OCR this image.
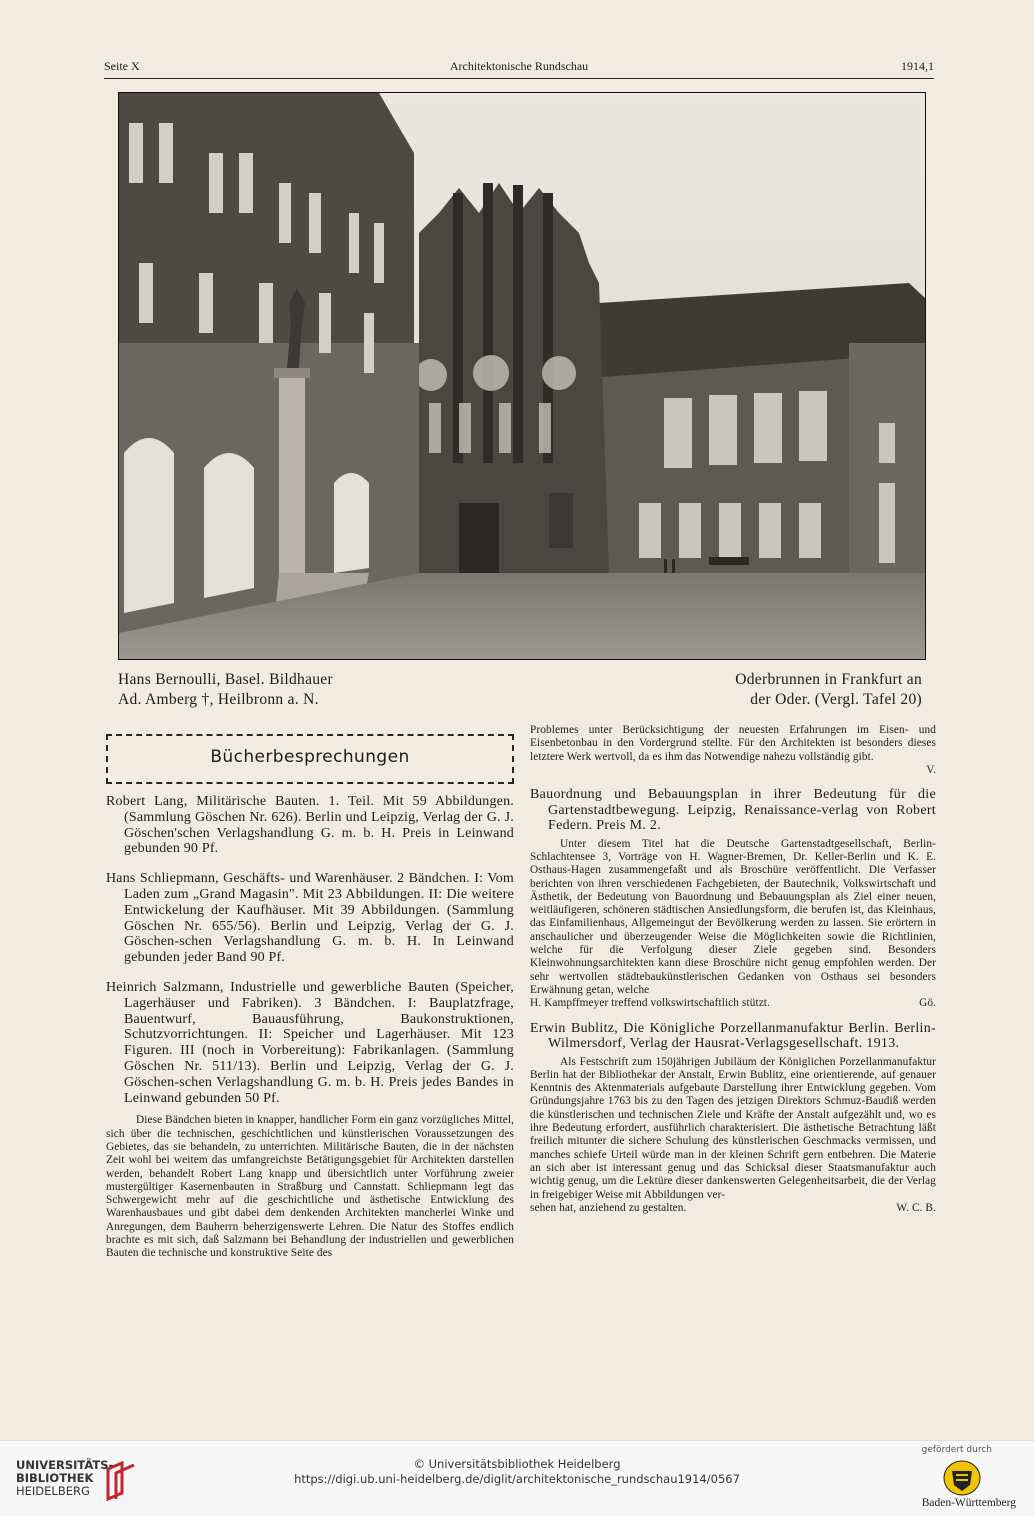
Seite X	Architektonische Rundschau	1914,1
Hans Bernoulli, Basel. Bildhauer
Ad. Amberg †, Heilbronn a. N.
Oderbrunnen in Frankfurt an
der Oder. (Vergl. Tafel 20)
Bücherbesprechungen

Robert Lang, Militärische Bauten. 1. Teil. Mit 59 Abbildungen. (Sammlung Göschen Nr. 626). Berlin und Leipzig, Verlag der G. J. Göschen'schen Verlagshandlung G. m. b. H. Preis in Leinwand gebunden 90 Pf.

Hans Schliepmann, Geschäfts- und Warenhäuser. 2 Bändchen. I: Vom Laden zum „Grand Magasin". Mit 23 Abbildungen. II: Die weitere Entwickelung der Kaufhäuser. Mit 39 Abbildungen. (Sammlung Göschen Nr. 655/56). Berlin und Leipzig, Verlag der G. J. Göschen-schen Verlagshandlung G. m. b. H. In Leinwand gebunden jeder Band 90 Pf.

Heinrich Salzmann, Industrielle und gewerbliche Bauten (Speicher, Lagerhäuser und Fabriken). 3 Bändchen. I: Bauplatzfrage, Bauentwurf, Bauausführung, Baukonstruktionen, Schutzvorrichtungen. II: Speicher und Lagerhäuser. Mit 123 Figuren. III (noch in Vorbereitung): Fabrikanlagen. (Sammlung Göschen Nr. 511/13). Berlin und Leipzig, Verlag der G. J. Göschen-schen Verlagshandlung G. m. b. H. Preis jedes Bandes in Leinwand gebunden 50 Pf.

Diese Bändchen bieten in knapper, handlicher Form ein ganz vorzügliches Mittel, sich über die technischen, geschichtlichen und künstlerischen Voraussetzungen des Gebietes, das sie behandeln, zu unterrichten. Militärische Bauten, die in der nächsten Zeit wohl bei weitem das umfangreichste Betätigungsgebiet für Architekten darstellen werden, behandelt Robert Lang knapp und übersichtlich unter Vorführung zweier mustergültiger Kasernenbauten in Straßburg und Cannstatt. Schliepmann legt das Schwergewicht mehr auf die geschichtliche und ästhetische Entwicklung des Warenhausbaues und gibt dabei dem denkenden Architekten mancherlei Winke und Anregungen, dem Bauherrn beherzigenswerte Lehren. Die Natur des Stoffes endlich brachte es mit sich, daß Salzmann bei Behandlung der industriellen und gewerblichen Bauten die technische und konstruktive Seite des

Problemes unter Berücksichtigung der neuesten Erfahrungen im Eisen- und Eisenbetonbau in den Vordergrund stellte. Für den Architekten ist besonders dieses letztere Werk wertvoll, da es ihm das Notwendige nahezu vollständig gibt.

V.

Bauordnung und Bebauungsplan in ihrer Bedeutung für die Gartenstadtbewegung. Leipzig, Renaissance-verlag von Robert Federn. Preis M. 2.

Unter diesem Titel hat die Deutsche Gartenstadtgesellschaft, Berlin-Schlachtensee 3, Vorträge von H. Wagner-Bremen, Dr. Keller-Berlin und K. E. Osthaus-Hagen zusammengefaßt und als Broschüre veröffentlicht. Die Verfasser berichten von ihren verschiedenen Fachgebieten, der Bautechnik, Volkswirtschaft und Ästhetik, der Bedeutung von Bauordnung und Bebauungsplan als Ziel einer neuen, weitläufigeren, schöneren städtischen Ansiedlungsform, die berufen ist, das Kleinhaus, das Einfamilienhaus, Allgemeingut der Bevölkerung werden zu lassen. Sie erörtern in anschaulicher und überzeugender Weise die Möglichkeiten sowie die Richtlinien, welche für die Verfolgung dieser Ziele gegeben sind. Besonders Kleinwohnungsarchitekten kann diese Broschüre nicht genug empfohlen werden. Der sehr wertvollen städtebaukünstlerischen Gedanken von Osthaus sei besonders Erwähnung getan, welche

H. Kampffmeyer treffend volkswirtschaftlich stützt.	Gö.

Erwin Bublitz, Die Königliche Porzellanmanufaktur Berlin. Berlin-Wilmersdorf, Verlag der Hausrat-Verlagsgesellschaft. 1913.

Als Festschrift zum 150jährigen Jubiläum der Königlichen Porzellanmanufaktur Berlin hat der Bibliothekar der Anstalt, Erwin Bublitz, eine orientierende, auf genauer Kenntnis des Aktenmaterials aufgebaute Darstellung ihrer Entwicklung gegeben. Vom Gründungsjahre 1763 bis zu den Tagen des jetzigen Direktors Schmuz-Baudiß werden die künstlerischen und technischen Ziele und Kräfte der Anstalt aufgezählt und, wo es ihre Bedeutung erfordert, ausführlich charakterisiert. Die ästhetische Betrachtung läßt freilich mitunter die sichere Schulung des künstlerischen Geschmacks vermissen, und manches schiefe Urteil würde man in der kleinen Schrift gern entbehren. Die Materie an sich aber ist interessant genug und das Schicksal dieser Staatsmanufaktur auch wichtig genug, um die Lektüre dieser dankenswerten Gelegenheitsarbeit, die der Verlag in freigebiger Weise mit Abbildungen ver-

sehen hat, anziehend zu gestalten.	W. C. B.
UNIVERSITÄTS-
BIBLIOTHEK
HEIDELBERG
© Universitätsbibliothek Heidelberg
https://digi.ub.uni-heidelberg.de/diglit/architektonische_rundschau1914/0567
gefördert durch
Baden-Württemberg
